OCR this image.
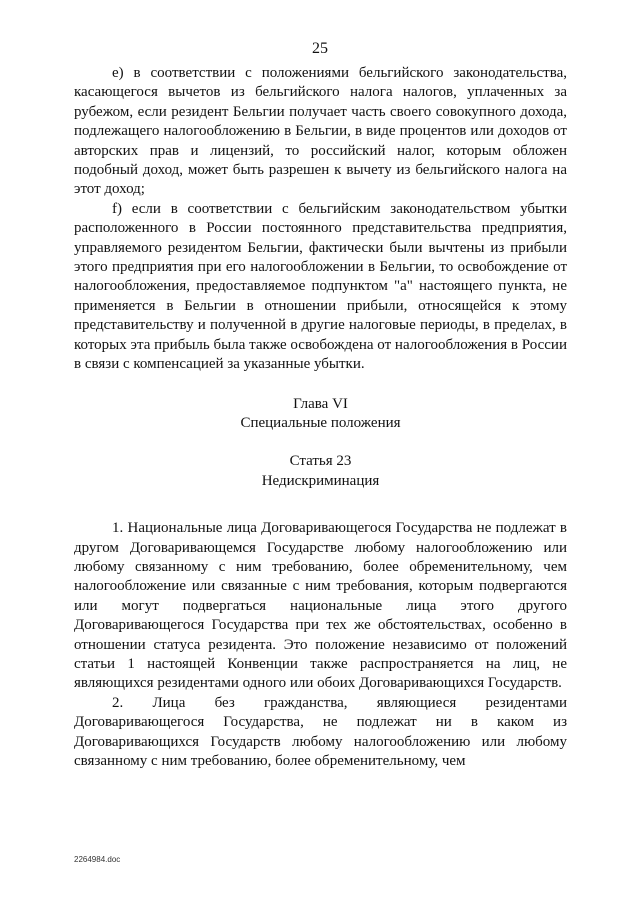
25

e) в соответствии с положениями бельгийского законодательства, касающегося вычетов из бельгийского налога налогов, уплаченных за рубежом, если резидент Бельгии получает часть своего совокупного дохода, подлежащего налогообложению в Бельгии, в виде процентов или доходов от авторских прав и лицензий, то российский налог, которым обложен подобный доход, может быть разрешен к вычету из бельгийского налога на этот доход;

f) если в соответствии с бельгийским законодательством убытки расположенного в России постоянного представительства предприятия, управляемого резидентом Бельгии, фактически были вычтены из прибыли этого предприятия при его налогообложении в Бельгии, то освобождение от налогообложения, предоставляемое подпунктом "а" настоящего пункта, не применяется в Бельгии в отношении прибыли, относящейся к этому представительству и полученной в другие налоговые периоды, в пределах, в которых эта прибыль была также освобождена от налогообложения в России в связи с компенсацией за указанные убытки.

Глава VI
Специальные положения
Статья 23
Недискриминация

1. Национальные лица Договаривающегося Государства не подлежат в другом Договаривающемся Государстве любому налогообложению или любому связанному с ним требованию, более обременительному, чем налогообложение или связанные с ним требования, которым подвергаются или могут подвергаться национальные лица этого другого Договаривающегося Государства при тех же обстоятельствах, особенно в отношении статуса резидента. Это положение независимо от положений статьи 1 настоящей Конвенции также распространяется на лиц, не являющихся резидентами одного или обоих Договаривающихся Государств.

2. Лица без гражданства, являющиеся резидентами Договаривающегося Государства, не подлежат ни в каком из Договаривающихся Государств любому налогообложению или любому связанному с ним требованию, более обременительному, чем

2264984.doc
